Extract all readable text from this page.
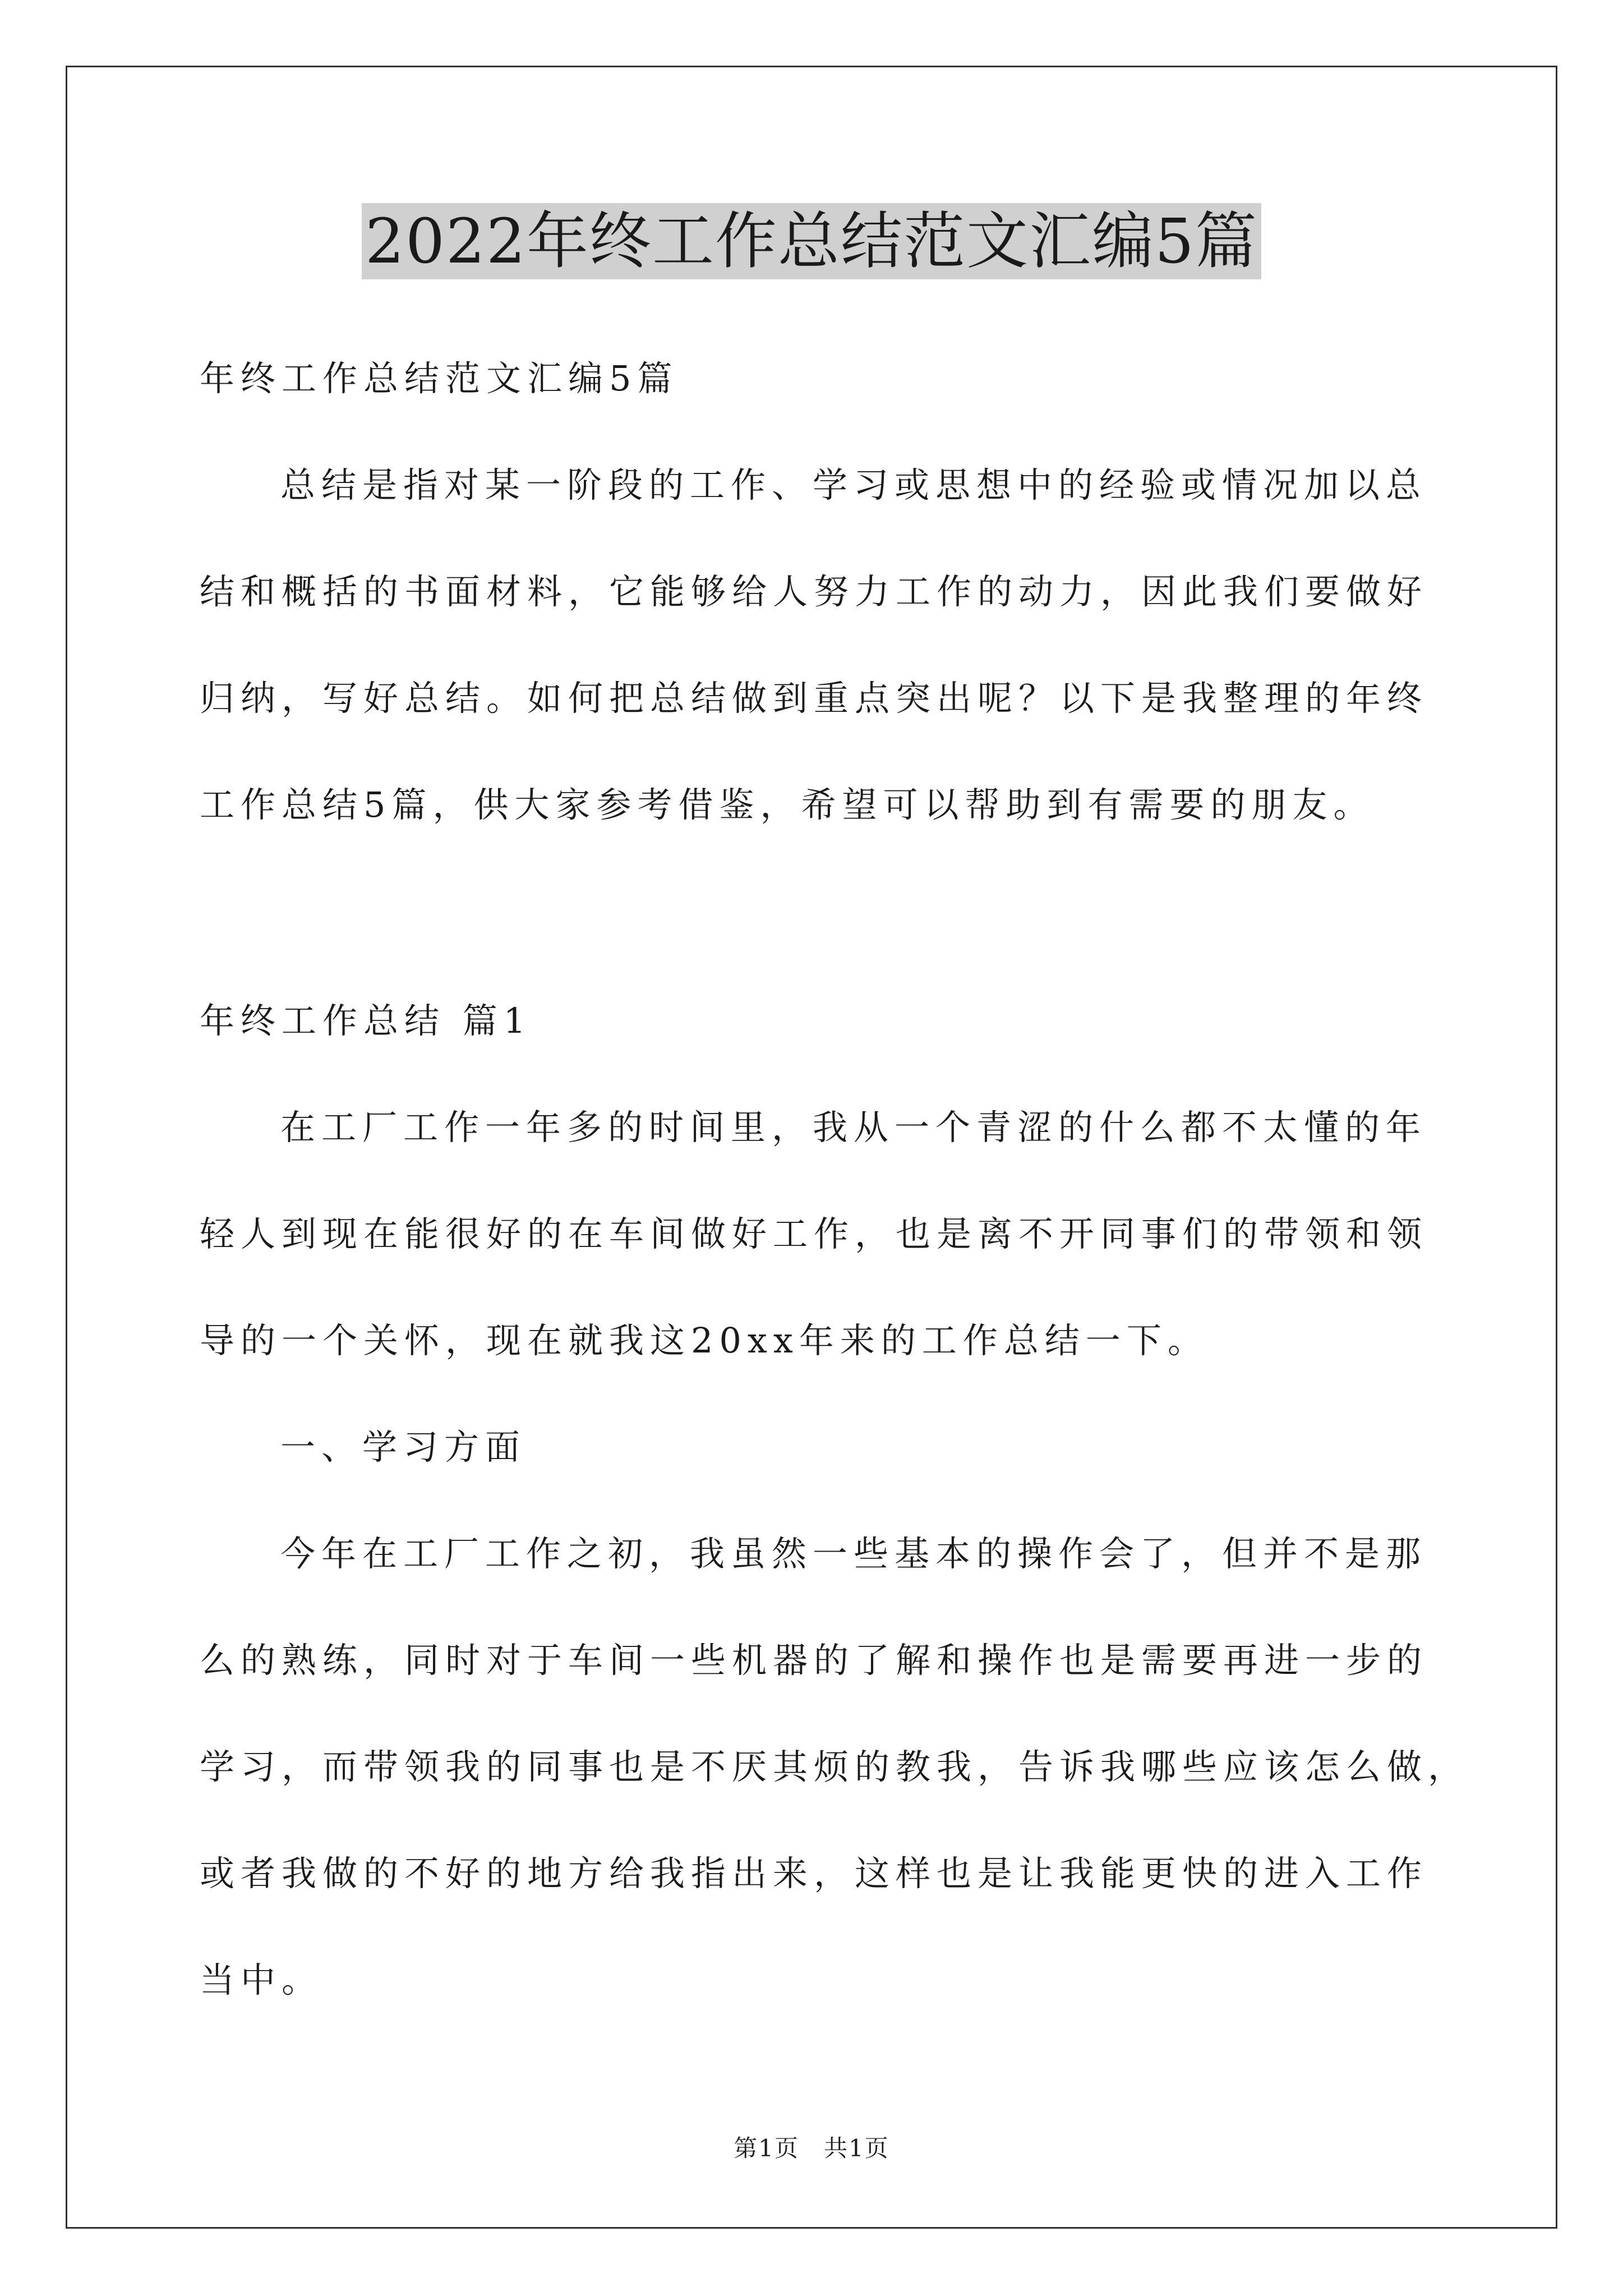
2022年终工作总结范文汇编5篇
年终工作总结范文汇编5篇
总结是指对某一阶段的工作、学习或思想中的经验或情况加以总
结和概括的书面材料，它能够给人努力工作的动力，因此我们要做好
归纳，写好总结。如何把总结做到重点突出呢？以下是我整理的年终
工作总结5篇，供大家参考借鉴，希望可以帮助到有需要的朋友。
年终工作总结 篇1
在工厂工作一年多的时间里，我从一个青涩的什么都不太懂的年
轻人到现在能很好的在车间做好工作，也是离不开同事们的带领和领
导的一个关怀，现在就我这20xx年来的工作总结一下。
一、学习方面
今年在工厂工作之初，我虽然一些基本的操作会了，但并不是那
么的熟练，同时对于车间一些机器的了解和操作也是需要再进一步的
学习，而带领我的同事也是不厌其烦的教我，告诉我哪些应该怎么做，
或者我做的不好的地方给我指出来，这样也是让我能更快的进入工作
当中。
第1页　共1页
